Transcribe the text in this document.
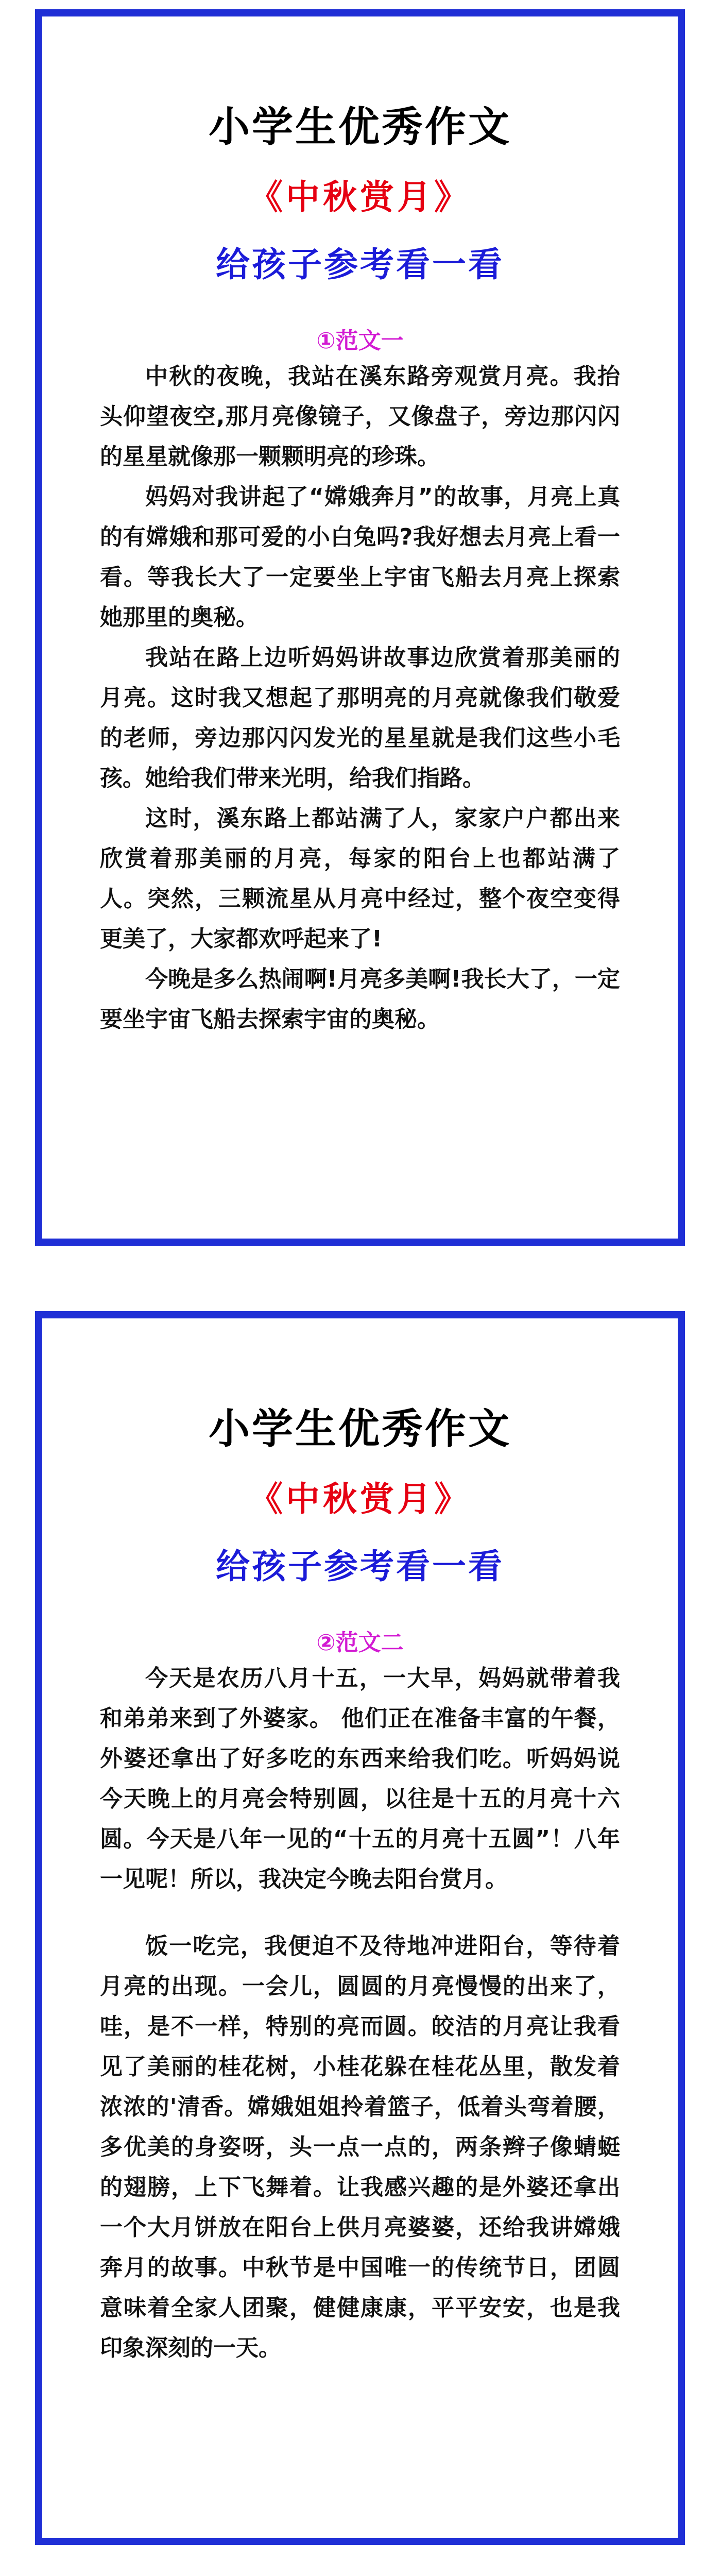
小学生优秀作文
《中秋赏月》
给孩子参考看一看
①范文一

中秋的夜晚，我站在溪东路旁观赏月亮。我抬头仰望夜空,那月亮像镜子，又像盘子，旁边那闪闪的星星就像那一颗颗明亮的珍珠。

妈妈对我讲起了“嫦娥奔月”的故事，月亮上真的有嫦娥和那可爱的小白兔吗?我好想去月亮上看一看。等我长大了一定要坐上宇宙飞船去月亮上探索她那里的奥秘。

我站在路上边听妈妈讲故事边欣赏着那美丽的月亮。这时我又想起了那明亮的月亮就像我们敬爱的老师，旁边那闪闪发光的星星就是我们这些小毛孩。她给我们带来光明，给我们指路。

这时，溪东路上都站满了人，家家户户都出来欣赏着那美丽的月亮，每家的阳台上也都站满了人。突然，三颗流星从月亮中经过，整个夜空变得更美了，大家都欢呼起来了!

今晚是多么热闹啊!月亮多美啊!我长大了，一定要坐宇宙飞船去探索宇宙的奥秘。

小学生优秀作文
《中秋赏月》
给孩子参考看一看
②范文二

今天是农历八月十五，一大早，妈妈就带着我和弟弟来到了外婆家。 他们正在准备丰富的午餐，外婆还拿出了好多吃的东西来给我们吃。听妈妈说今天晚上的月亮会特别圆，以往是十五的月亮十六圆。今天是八年一见的“十五的月亮十五圆”！八年一见呢！所以，我决定今晚去阳台赏月。

饭一吃完，我便迫不及待地冲进阳台，等待着月亮的出现。一会儿，圆圆的月亮慢慢的出来了，哇，是不一样，特别的亮而圆。皎洁的月亮让我看见了美丽的桂花树，小桂花躲在桂花丛里，散发着浓浓的'清香。嫦娥姐姐拎着篮子，低着头弯着腰，多优美的身姿呀，头一点一点的，两条辫子像蜻蜓的翅膀，上下飞舞着。让我感兴趣的是外婆还拿出一个大月饼放在阳台上供月亮婆婆，还给我讲嫦娥奔月的故事。中秋节是中国唯一的传统节日，团圆意味着全家人团聚，健健康康，平平安安，也是我印象深刻的一天。
